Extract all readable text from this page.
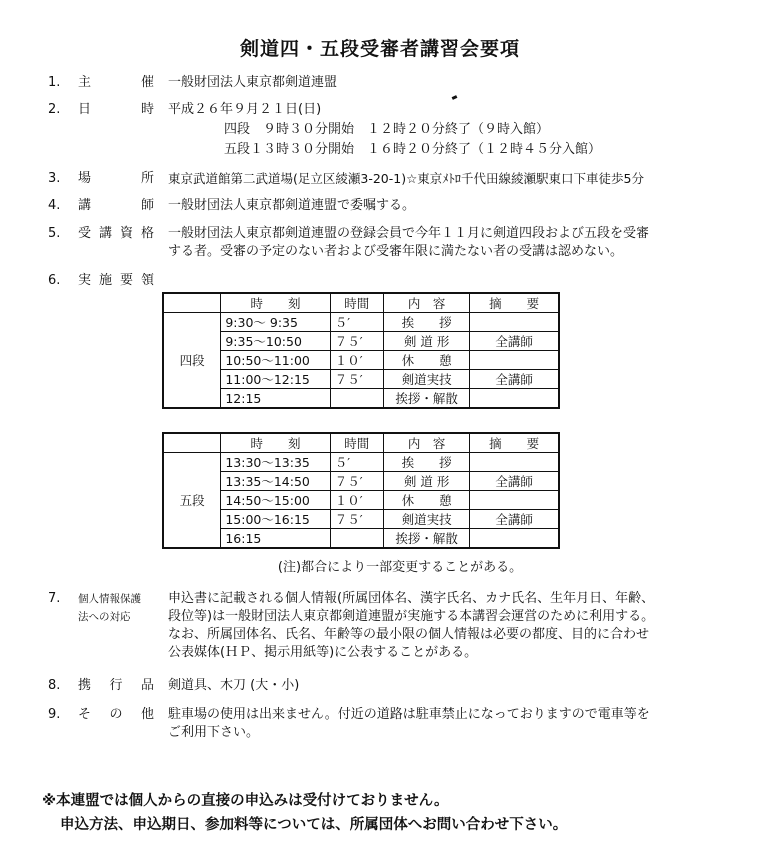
剣道四・五段受審者講習会要項
1. 主	催 一般財団法人東京都剣道連盟
2. 日	時 平成２６年９月２１日(日)
四段　９時３０分開始　１２時２０分終了（９時入館）
五段１３時３０分開始　１６時２０分終了（１２時４５分入館）
3. 場	所 東京武道館第二武道場(足立区綾瀬3-20-1)☆東京ﾒﾄﾛ千代田線綾瀬駅東口下車徒歩5分
4. 講	師 一般財団法人東京都剣道連盟で委嘱する。
5. 受 講 資 格 一般財団法人東京都剣道連盟の登録会員で今年１１月に剣道四段および五段を受審
する者。受審の予定のない者および受審年限に満たない者の受講は認めない。
6. 実 施 要 領
	時　　刻	時間	内　容	摘　　要
四段	9:30～ 9:35	５′	挨　　拶	
	9:35～10:50	７５′	剣 道 形	全講師
	10:50～11:00	１０′	休　　憩	
	11:00～12:15	７５′	剣道実技	全講師
	12:15		挨拶・解散	
	時　　刻	時間	内　容	摘　　要
五段	13:30～13:35	５′	挨　　拶	
	13:35～14:50	７５′	剣 道 形	全講師
	14:50～15:00	１０′	休　　憩	
	15:00～16:15	７５′	剣道実技	全講師
	16:15		挨拶・解散	
(注)都合により一部変更することがある。
7. 個人情報保護
法への対応
申込書に記載される個人情報(所属団体名、漢字氏名、カナ氏名、生年月日、年齢、
段位等)は一般財団法人東京都剣道連盟が実施する本講習会運営のために利用する。
なお、所属団体名、氏名、年齢等の最小限の個人情報は必要の都度、目的に合わせ
公表媒体(ＨＰ、掲示用紙等)に公表することがある。
8. 携 行 品 剣道具、木刀 (大・小)
9. そ の 他 駐車場の使用は出来ません。付近の道路は駐車禁止になっておりますので電車等を
ご利用下さい。
※本連盟では個人からの直接の申込みは受付けておりません。
申込方法、申込期日、参加料等については、所属団体へお問い合わせ下さい。
